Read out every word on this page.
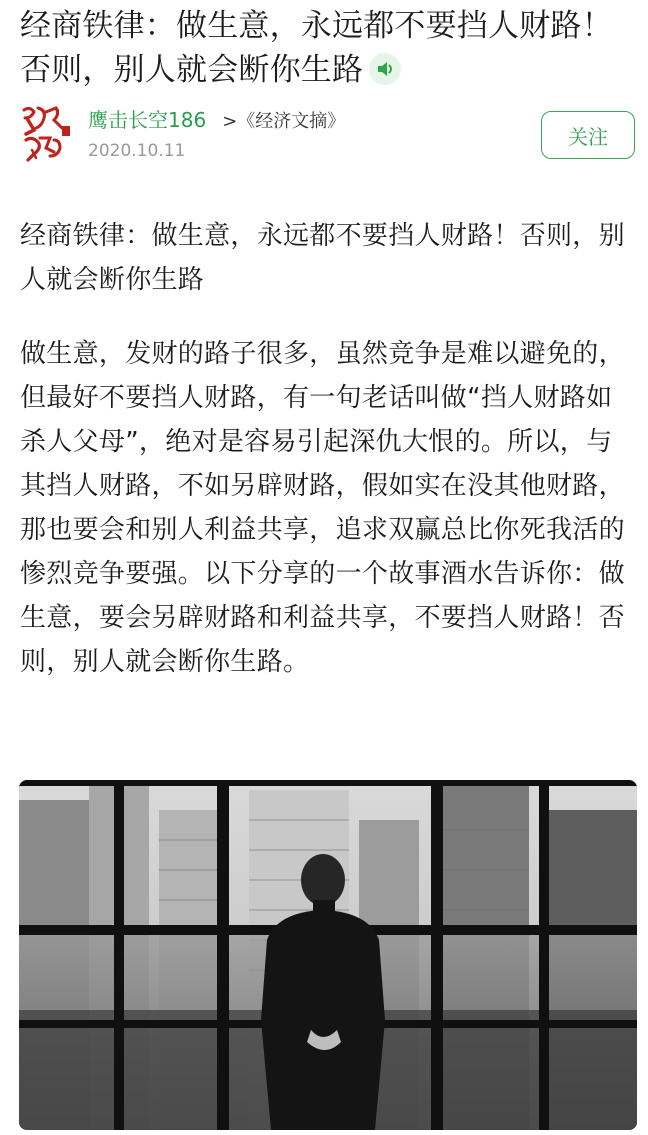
经商铁律：做生意，永远都不要挡人财路！否则，别人就会断你生路
鹰击长空186 >《经济文摘》
2020.10.11
关注
经商铁律：做生意，永远都不要挡人财路！否则，别人就会断你生路
做生意，发财的路子很多，虽然竞争是难以避免的，但最好不要挡人财路，有一句老话叫做“挡人财路如杀人父母”，绝对是容易引起深仇大恨的。所以，与其挡人财路，不如另辟财路，假如实在没其他财路，那也要会和别人利益共享，追求双赢总比你死我活的惨烈竞争要强。以下分享的一个故事酒水告诉你：做生意，要会另辟财路和利益共享，不要挡人财路！否则，别人就会断你生路。
